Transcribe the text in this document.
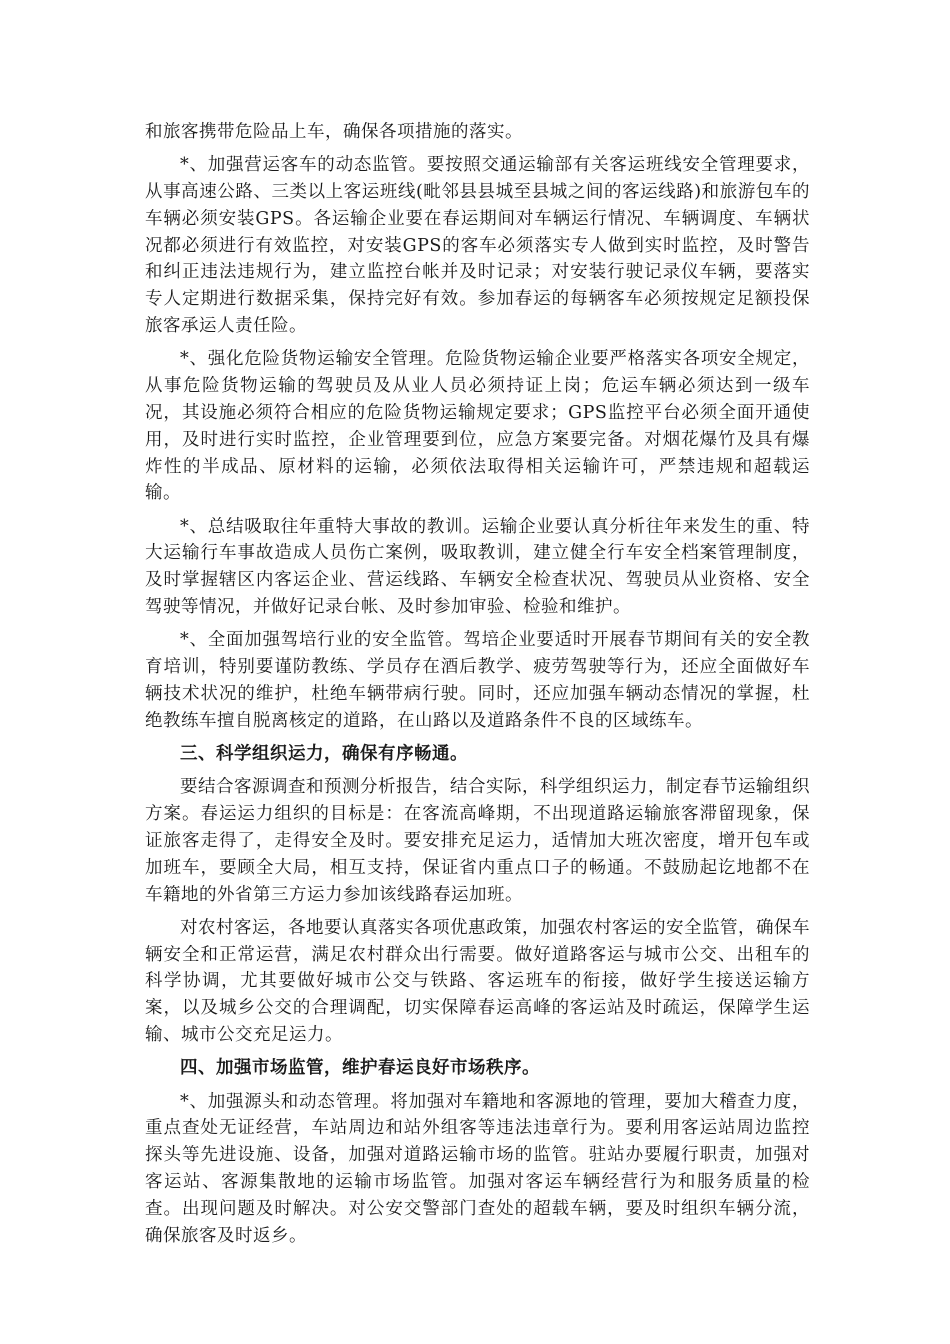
和旅客携带危险品上车，确保各项措施的落实。

*、加强营运客车的动态监管。要按照交通运输部有关客运班线安全管理要求，从事高速公路、三类以上客运班线(毗邻县县城至县城之间的客运线路)和旅游包车的车辆必须安装GPS。各运输企业要在春运期间对车辆运行情况、车辆调度、车辆状况都必须进行有效监控，对安装GPS的客车必须落实专人做到实时监控，及时警告和纠正违法违规行为，建立监控台帐并及时记录；对安装行驶记录仪车辆，要落实专人定期进行数据采集，保持完好有效。参加春运的每辆客车必须按规定足额投保旅客承运人责任险。

*、强化危险货物运输安全管理。危险货物运输企业要严格落实各项安全规定，从事危险货物运输的驾驶员及从业人员必须持证上岗；危运车辆必须达到一级车况，其设施必须符合相应的危险货物运输规定要求；GPS监控平台必须全面开通使用，及时进行实时监控，企业管理要到位，应急方案要完备。对烟花爆竹及具有爆炸性的半成品、原材料的运输，必须依法取得相关运输许可，严禁违规和超载运输。

*、总结吸取往年重特大事故的教训。运输企业要认真分析往年来发生的重、特大运输行车事故造成人员伤亡案例，吸取教训，建立健全行车安全档案管理制度，及时掌握辖区内客运企业、营运线路、车辆安全检查状况、驾驶员从业资格、安全驾驶等情况，并做好记录台帐、及时参加审验、检验和维护。

*、全面加强驾培行业的安全监管。驾培企业要适时开展春节期间有关的安全教育培训，特别要谨防教练、学员存在酒后教学、疲劳驾驶等行为，还应全面做好车辆技术状况的维护，杜绝车辆带病行驶。同时，还应加强车辆动态情况的掌握，杜绝教练车擅自脱离核定的道路，在山路以及道路条件不良的区域练车。

三、科学组织运力，确保有序畅通。

要结合客源调查和预测分析报告，结合实际，科学组织运力，制定春节运输组织方案。春运运力组织的目标是：在客流高峰期，不出现道路运输旅客滞留现象，保证旅客走得了，走得安全及时。要安排充足运力，适情加大班次密度，增开包车或加班车，要顾全大局，相互支持，保证省内重点口子的畅通。不鼓励起讫地都不在车籍地的外省第三方运力参加该线路春运加班。

对农村客运，各地要认真落实各项优惠政策，加强农村客运的安全监管，确保车辆安全和正常运营，满足农村群众出行需要。做好道路客运与城市公交、出租车的科学协调，尤其要做好城市公交与铁路、客运班车的衔接，做好学生接送运输方案，以及城乡公交的合理调配，切实保障春运高峰的客运站及时疏运，保障学生运输、城市公交充足运力。

四、加强市场监管，维护春运良好市场秩序。

*、加强源头和动态管理。将加强对车籍地和客源地的管理，要加大稽查力度，重点查处无证经营，车站周边和站外组客等违法违章行为。要利用客运站周边监控探头等先进设施、设备，加强对道路运输市场的监管。驻站办要履行职责，加强对客运站、客源集散地的运输市场监管。加强对客运车辆经营行为和服务质量的检查。出现问题及时解决。对公安交警部门查处的超载车辆，要及时组织车辆分流，确保旅客及时返乡。
